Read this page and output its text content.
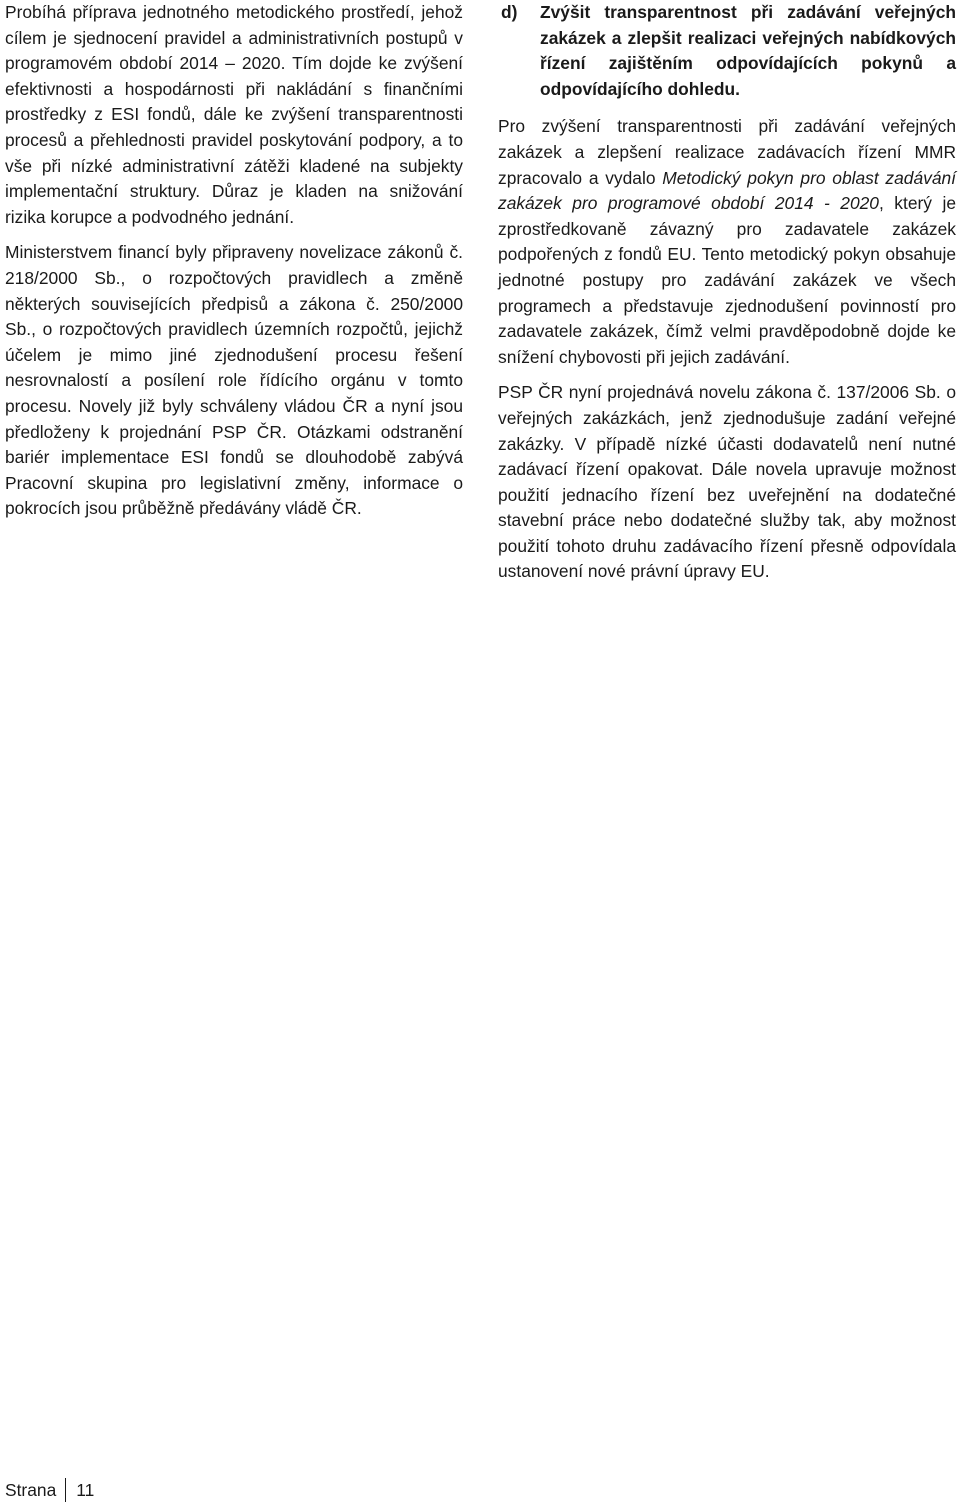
Probíhá příprava jednotného metodického prostředí, jehož cílem je sjednocení pravidel a administrativních postupů v programovém období 2014 – 2020. Tím dojde ke zvýšení efektivnosti a hospodárnosti při nakládání s finančními prostředky z ESI fondů, dále ke zvýšení transparentnosti procesů a přehlednosti pravidel poskytování podpory, a to vše při nízké administrativní zátěži kladené na subjekty implementační struktury. Důraz je kladen na snižování rizika korupce a podvodného jednání.

Ministerstvem financí byly připraveny novelizace zákonů č. 218/2000 Sb., o rozpočtových pravidlech a změně některých souvisejících předpisů a zákona č. 250/2000 Sb., o rozpočtových pravidlech územních rozpočtů, jejichž účelem je mimo jiné zjednodušení procesu řešení nesrovnalostí a posílení role řídícího orgánu v tomto procesu. Novely již byly schváleny vládou ČR a nyní jsou předloženy k projednání PSP ČR. Otázkami odstranění bariér implementace ESI fondů se dlouhodobě zabývá Pracovní skupina pro legislativní změny, informace o pokrocích jsou průběžně předávány vládě ČR.

d) Zvýšit transparentnost při zadávání veřejných zakázek a zlepšit realizaci veřejných nabídkových řízení zajištěním odpovídajících pokynů a odpovídajícího dohledu.

Pro zvýšení transparentnosti při zadávání veřejných zakázek a zlepšení realizace zadávacích řízení MMR zpracovalo a vydalo Metodický pokyn pro oblast zadávání zakázek pro programové období 2014 - 2020, který je zprostředkovaně závazný pro zadavatele zakázek podpořených z fondů EU. Tento metodický pokyn obsahuje jednotné postupy pro zadávání zakázek ve všech programech a představuje zjednodušení povinností pro zadavatele zakázek, čímž velmi pravděpodobně dojde ke snížení chybovosti při jejich zadávání.

PSP ČR nyní projednává novelu zákona č. 137/2006 Sb. o veřejných zakázkách, jenž zjednodušuje zadání veřejné zakázky. V případě nízké účasti dodavatelů není nutné zadávací řízení opakovat. Dále novela upravuje možnost použití jednacího řízení bez uveřejnění na dodatečné stavební práce nebo dodatečné služby tak, aby možnost použití tohoto druhu zadávacího řízení přesně odpovídala ustanovení nové právní úpravy EU.

Strana 11
